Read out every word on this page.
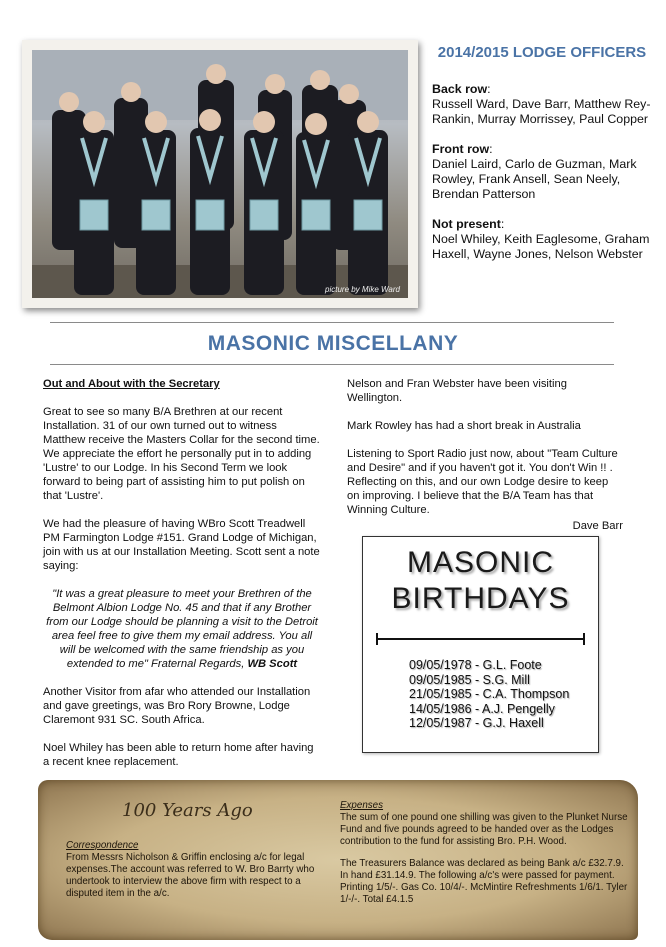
picture by Mike Ward
2014/2015 LODGE OFFICERS
Back row:
Russell Ward, Dave Barr, Matthew Rey-Rankin, Murray Morrissey, Paul Copper
Front row:
Daniel Laird, Carlo de Guzman, Mark Rowley, Frank Ansell, Sean Neely, Brendan Patterson
Not present:
Noel Whiley, Keith Eaglesome, Graham Haxell, Wayne Jones, Nelson Webster
MASONIC MISCELLANY

Out and About with the Secretary

Great to see so many B/A Brethren at our recent Installation. 31 of our own turned out to witness Matthew receive the Masters Collar for the second time. We appreciate the effort he personally put in to adding 'Lustre' to our Lodge. In his Second Term we look forward to being part of assisting him to put polish on that 'Lustre'.

We had the pleasure of having WBro Scott Treadwell PM Farmington Lodge #151. Grand Lodge of Michigan, join with us at our Installation Meeting. Scott sent a note saying:

"It was a great pleasure to meet your Brethren of the Belmont Albion Lodge No. 45 and that if any Brother from our Lodge should be planning a visit to the Detroit area feel free to give them my email address. You all will be welcomed with the same friendship as you extended to me" Fraternal Regards, WB Scott

Another Visitor from afar who attended our Installation and gave greetings, was Bro Rory Browne, Lodge Claremont 931 SC. South Africa.

Noel Whiley has been able to return home after having a recent knee replacement.

Nelson and Fran Webster have been visiting Wellington.

Mark Rowley has had a short break in Australia

Listening to Sport Radio just now, about "Team Culture and Desire" and if you haven't got it. You don't Win !! . Reflecting on this, and our own Lodge desire to keep on improving. I believe that the B/A Team has that Winning Culture.

Dave Barr

MASONIC
BIRTHDAYS
09/05/1978 - G.L. Foote
09/05/1985 - S.G. Mill
21/05/1985 - C.A. Thompson
14/05/1986 - A.J. Pengelly
12/05/1987 - G.J. Haxell
100 Years Ago
Correspondence
From Messrs Nicholson & Griffin enclosing a/c for legal expenses.The account was referred to W. Bro Barrty who undertook to interview the above firm with respect to a disputed item in the a/c.
Expenses

The sum of one pound one shilling was given to the Plunket Nurse Fund and five pounds agreed to be handed over as the Lodges contribution to the fund for assisting Bro. P.H. Wood.

The Treasurers Balance was declared as being Bank a/c £32.7.9. In hand £31.14.9. The following a/c's were passed for payment. Printing 1/5/-. Gas Co. 10/4/-. McMintire Refreshments 1/6/1. Tyler 1/-/-. Total £4.1.5
